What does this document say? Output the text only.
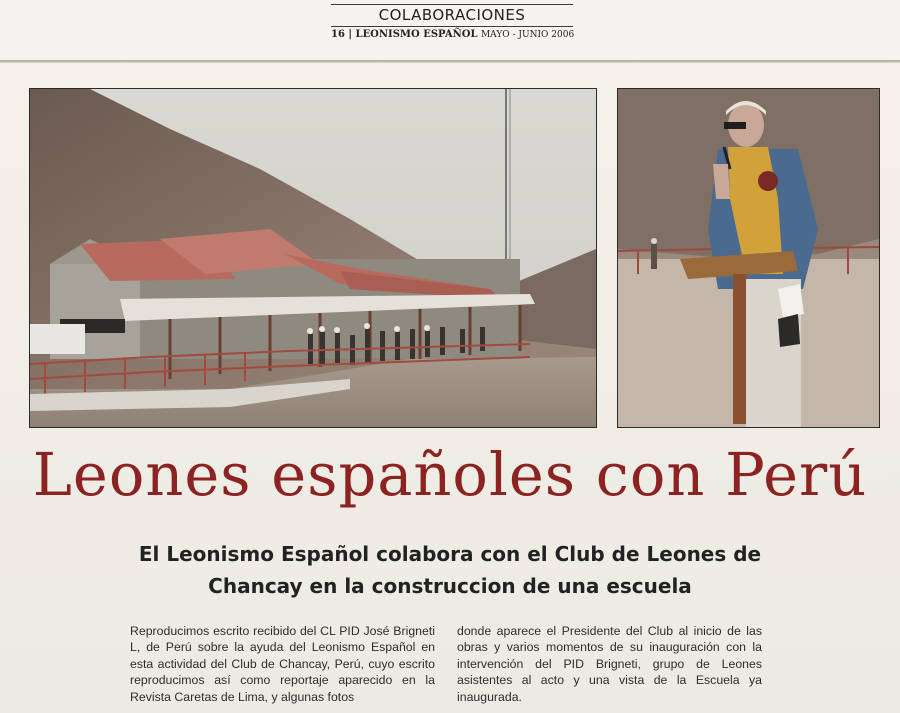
COLABORACIONES
16 | LEONISMO ESPAÑOL MAYO - JUNIO 2006
Leones españoles con Perú
El Leonismo Español colabora con el Club de Leones de
Chancay en la construccion de una escuela

Reproducimos escrito recibido del CL PID José Brigneti L, de Perú sobre la ayuda del Leonismo Español en esta actividad del Club de Chancay, Perú, cuyo escrito reproducimos así como reportaje aparecido en la Revista Caretas de Lima, y algunas fotos

donde aparece el Presidente del Club al inicio de las obras y varios momentos de su inauguración con la intervención del PID Brigneti, grupo de Leones asistentes al acto y una vista de la Escuela ya inaugurada.
